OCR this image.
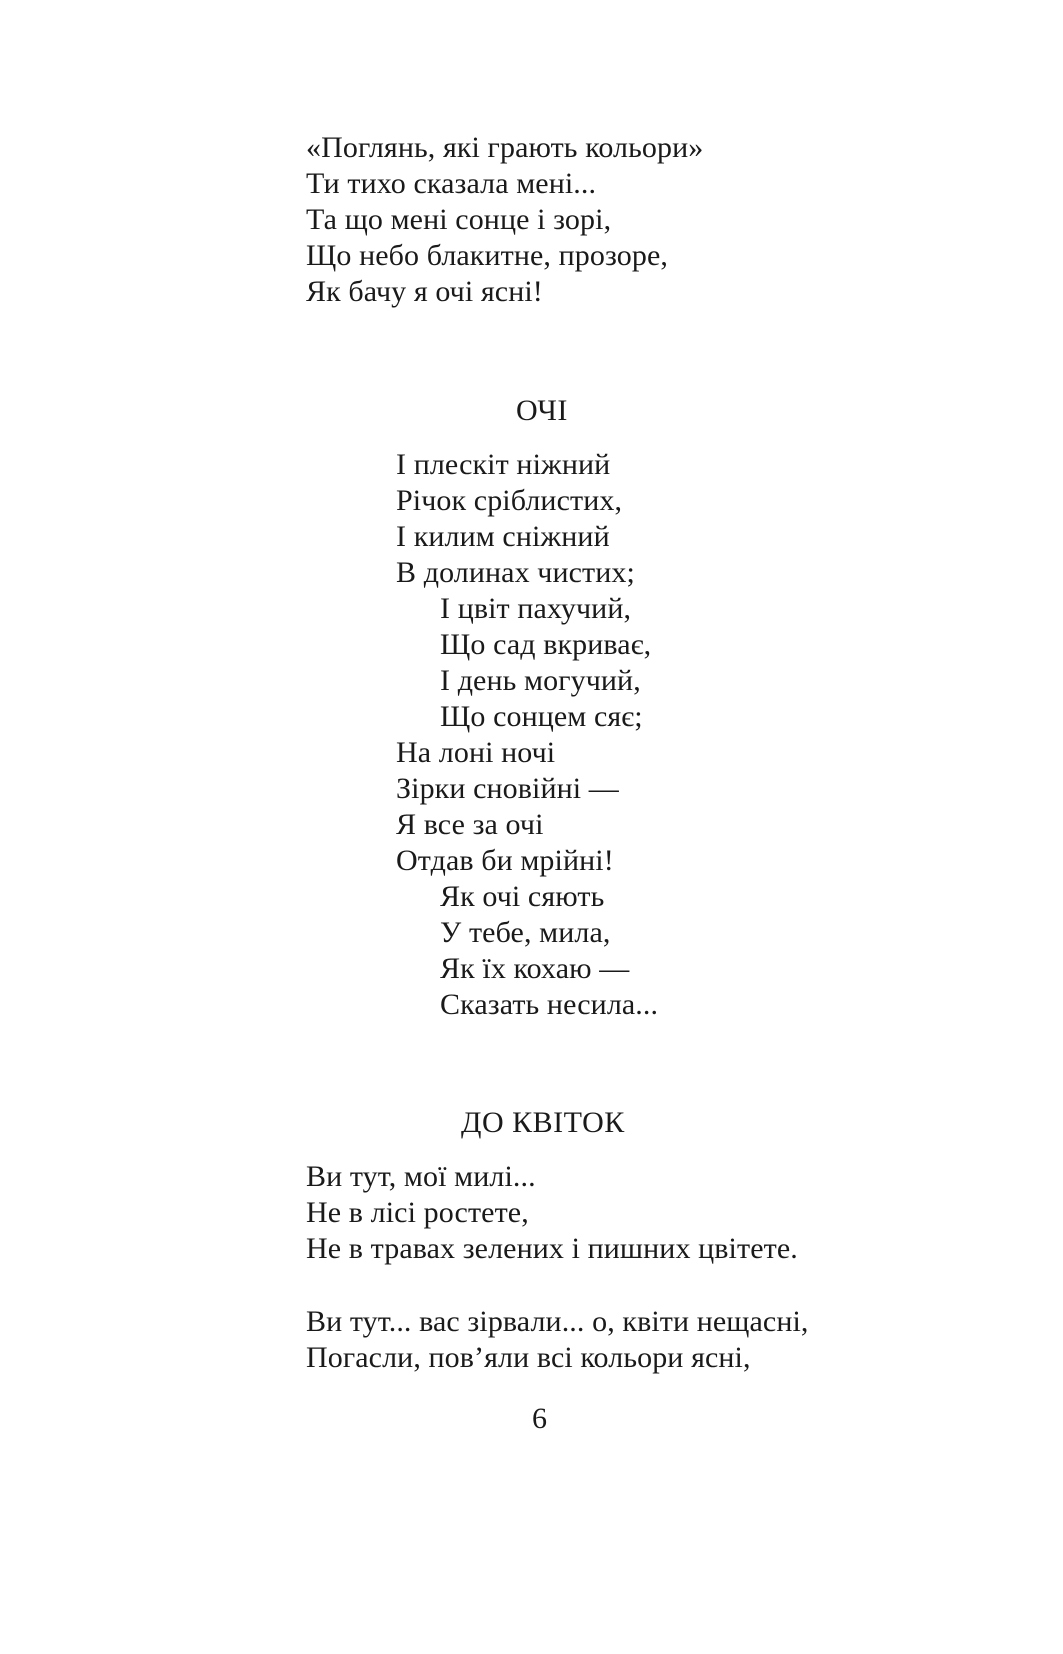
«Поглянь, які грають кольори»
Ти тихо сказала мені...
Та що мені сонце і зорі,
Що небо блакитне, прозоре,
Як бачу я очі ясні!
ОЧІ
І плескіт ніжний
Річок сріблистих,
І килим сніжний
В долинах чистих;
І цвіт пахучий,
Що сад вкриває,
І день могучий,
Що сонцем сяє;
На лоні ночі
Зірки сновійні —
Я все за очі
Отдав би мрійні!
Як очі сяють
У тебе, мила,
Як їх кохаю —
Сказать несила...
ДО КВІТОК
Ви тут, мої милі...
Не в лісі ростете,
Не в травах зелених і пишних цвітете.
Ви тут... вас зірвали... о, квіти нещасні,
Погасли, пов’яли всі кольори ясні,
6
